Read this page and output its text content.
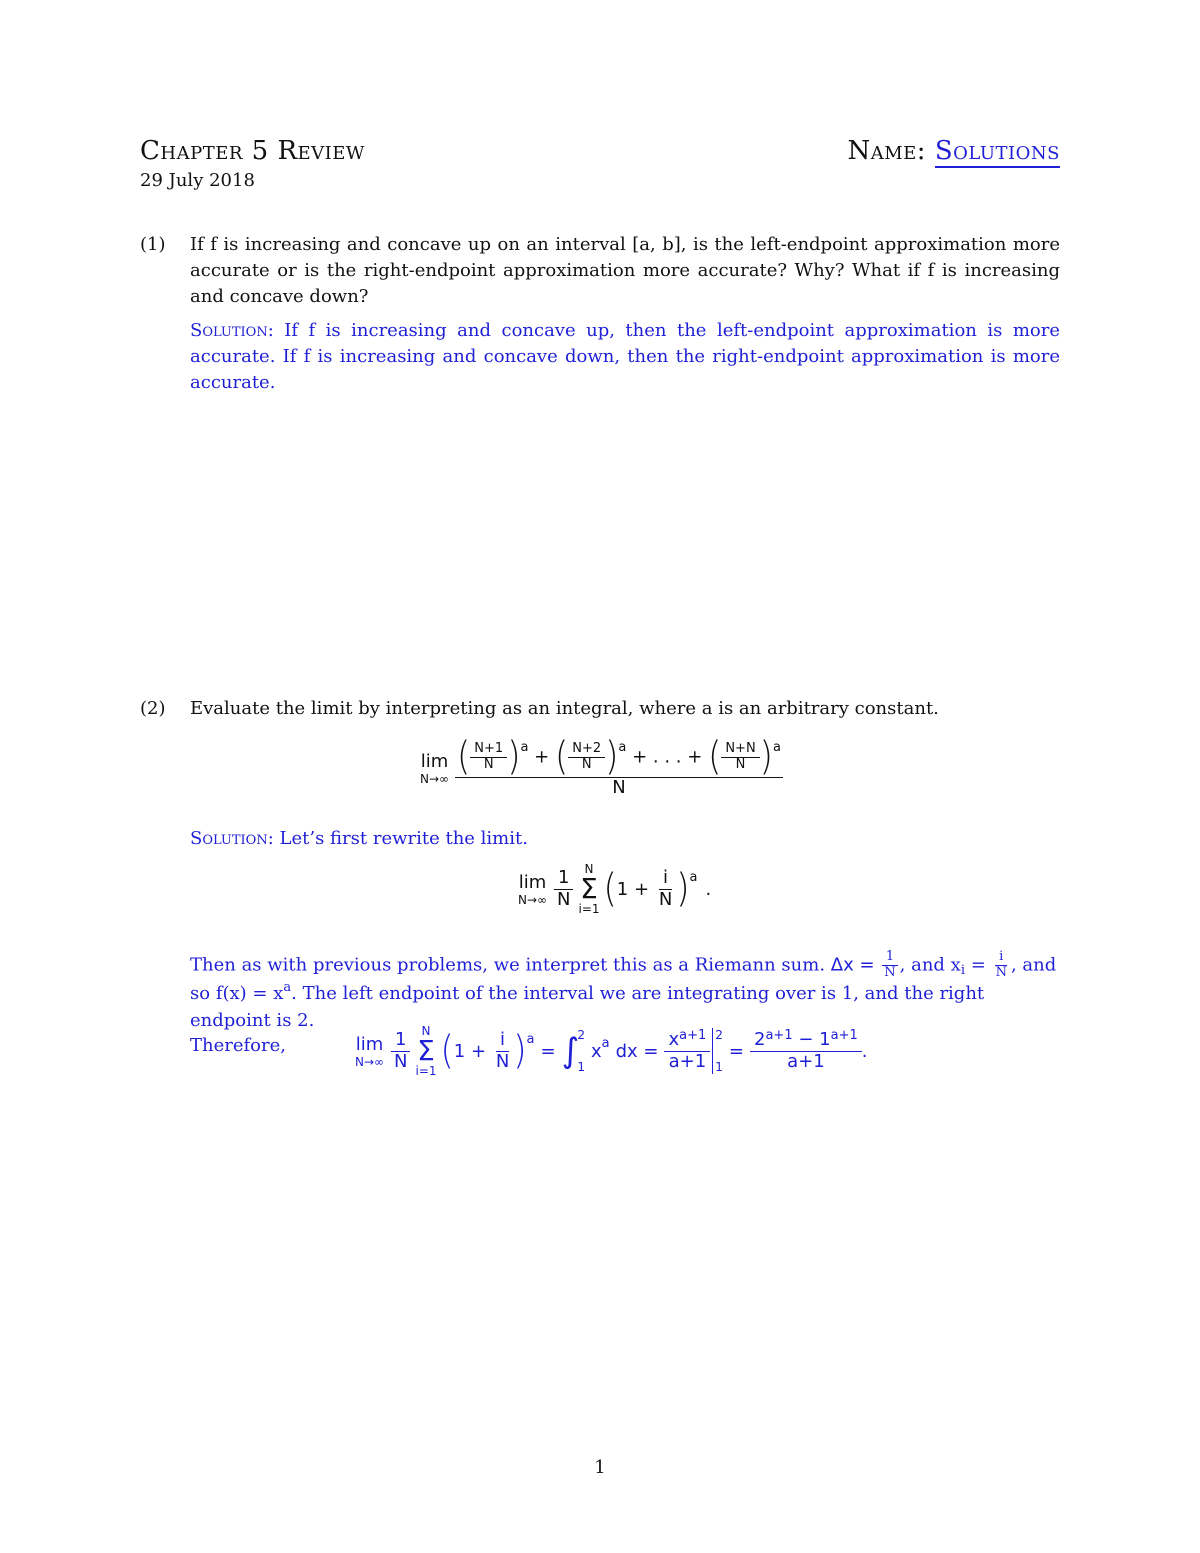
Chapter 5 Review	Name: Solutions
29 July 2018
(1) If f is increasing and concave up on an interval [a, b], is the left-endpoint approximation more accurate or is the right-endpoint approximation more accurate? Why? What if f is increasing and concave down?
Solution: If f is increasing and concave up, then the left-endpoint approximation is more accurate. If f is increasing and concave down, then the right-endpoint approximation is more accurate.
(2) Evaluate the limit by interpreting as an integral, where a is an arbitrary constant.
lim
N→∞ ( $\frac{N+1}{N} )^a$ + ( $\frac{N+2}{N} )^a$ + . . . + ( $\frac{N+N}{N} )^a$
N
Solution: Let’s first rewrite the limit.
lim
$N\to\infty \frac{1}{N}$ N
Σ
i=1 ( 1
+
$\frac{i}{N}$ ) a
.
Then as with previous problems, we interpret this as a Riemann sum. $\Delta x = \frac{1}{N}$ , and $x_i = \frac{i}{N}$ , and so $f(x) = x^a$. The left endpoint of the interval we are integrating over is 1, and the right endpoint is 2.
Therefore,	lim
$N\to\infty \frac{1}{N}$ N
Σ
i=1 ( 1
+
$\frac{i}{N}$ ) a
= ∫
2
1
x a dx = $\frac{x^{a+1}}{a+1} 2$
1
= $\frac{2^{a+1} - 1^{a+1}}{a+1}$ .
1
